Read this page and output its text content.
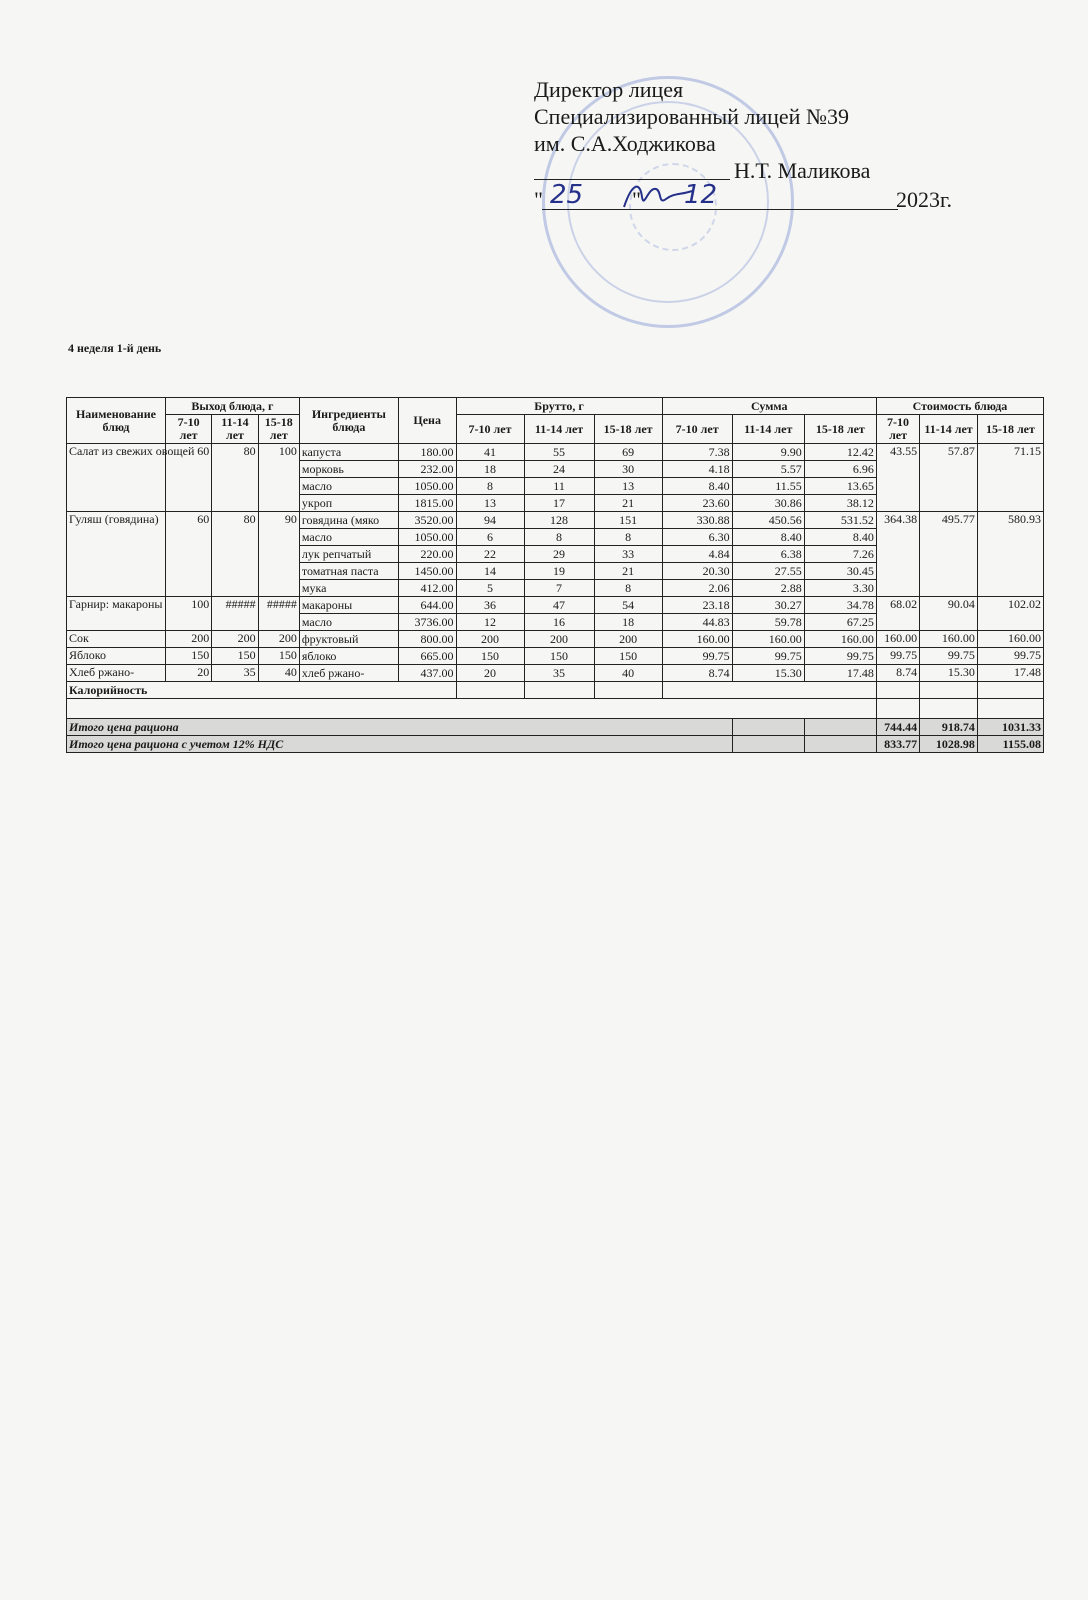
Директор лицея
Специализированный лицей №39
им. С.А.Ходжикова
Н.Т. Маликова
" 25 " 12	2023г.
4 неделя 1-й день
Наименование блюд	Выход блюда, г			Ингредиенты блюда	Цена	Брутто, г			Сумма			Стоимость блюда		
	7-10 лет	11-14 лет	15-18 лет			7-10 лет	11-14 лет	15-18 лет	7-10 лет	11-14 лет	15-18 лет	7-10 лет	11-14 лет	15-18 лет
Салат из свежих овощей	60	80	100	капуста	180.00	41	55	69	7.38	9.90	12.42	43.55	57.87	71.15
				морковь	232.00	18	24	30	4.18	5.57	6.96			
				масло	1050.00	8	11	13	8.40	11.55	13.65			
				укроп	1815.00	13	17	21	23.60	30.86	38.12			
Гуляш (говядина)	60	80	90	говядина (мяко	3520.00	94	128	151	330.88	450.56	531.52	364.38	495.77	580.93
				масло	1050.00	6	8	8	6.30	8.40	8.40			
				лук репчатый	220.00	22	29	33	4.84	6.38	7.26			
				томатная паста	1450.00	14	19	21	20.30	27.55	30.45			
				мука	412.00	5	7	8	2.06	2.88	3.30			
Гарнир: макароны	100	#####	#####	макароны	644.00	36	47	54	23.18	30.27	34.78	68.02	90.04	102.02
				масло	3736.00	12	16	18	44.83	59.78	67.25			
Сок	200	200	200	фруктовый	800.00	200	200	200	160.00	160.00	160.00	160.00	160.00	160.00
Яблоко	150	150	150	яблоко	665.00	150	150	150	99.75	99.75	99.75	99.75	99.75	99.75
Хлеб ржано-	20	35	40	хлеб ржано-	437.00	20	35	40	8.74	15.30	17.48	8.74	15.30	17.48
Калорийность														

Итого цена рациона												744.44	918.74	1031.33
Итого цена рациона с учетом 12% НДС												833.77	1028.98	1155.08
